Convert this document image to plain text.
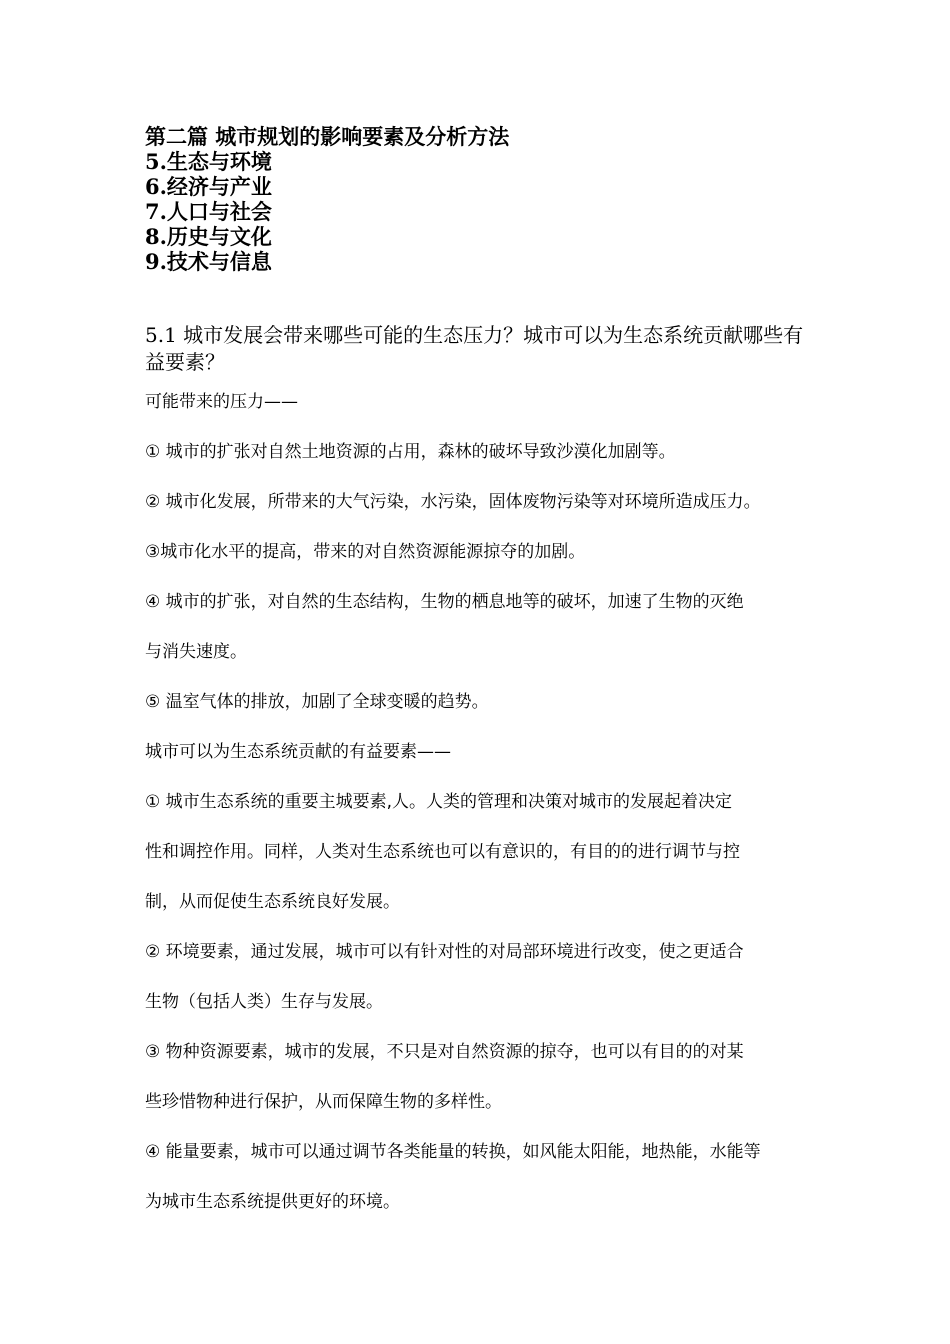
第二篇 城市规划的影响要素及分析方法
5.生态与环境
6.经济与产业
7.人口与社会
8.历史与文化
9.技术与信息
5.1 城市发展会带来哪些可能的生态压力？城市可以为生态系统贡献哪些有益要素？
可能带来的压力——
① 城市的扩张对自然土地资源的占用，森林的破坏导致沙漠化加剧等。
② 城市化发展，所带来的大气污染，水污染，固体废物污染等对环境所造成压力。
③城市化水平的提高，带来的对自然资源能源掠夺的加剧。
④ 城市的扩张，对自然的生态结构，生物的栖息地等的破坏，加速了生物的灭绝
与消失速度。
⑤ 温室气体的排放，加剧了全球变暖的趋势。
城市可以为生态系统贡献的有益要素——
① 城市生态系统的重要主城要素,人。人类的管理和决策对城市的发展起着决定
性和调控作用。同样，人类对生态系统也可以有意识的，有目的的进行调节与控
制，从而促使生态系统良好发展。
② 环境要素，通过发展，城市可以有针对性的对局部环境进行改变，使之更适合
生物（包括人类）生存与发展。
③ 物种资源要素，城市的发展，不只是对自然资源的掠夺，也可以有目的的对某
些珍惜物种进行保护，从而保障生物的多样性。
④ 能量要素，城市可以通过调节各类能量的转换，如风能太阳能，地热能，水能等
为城市生态系统提供更好的环境。
